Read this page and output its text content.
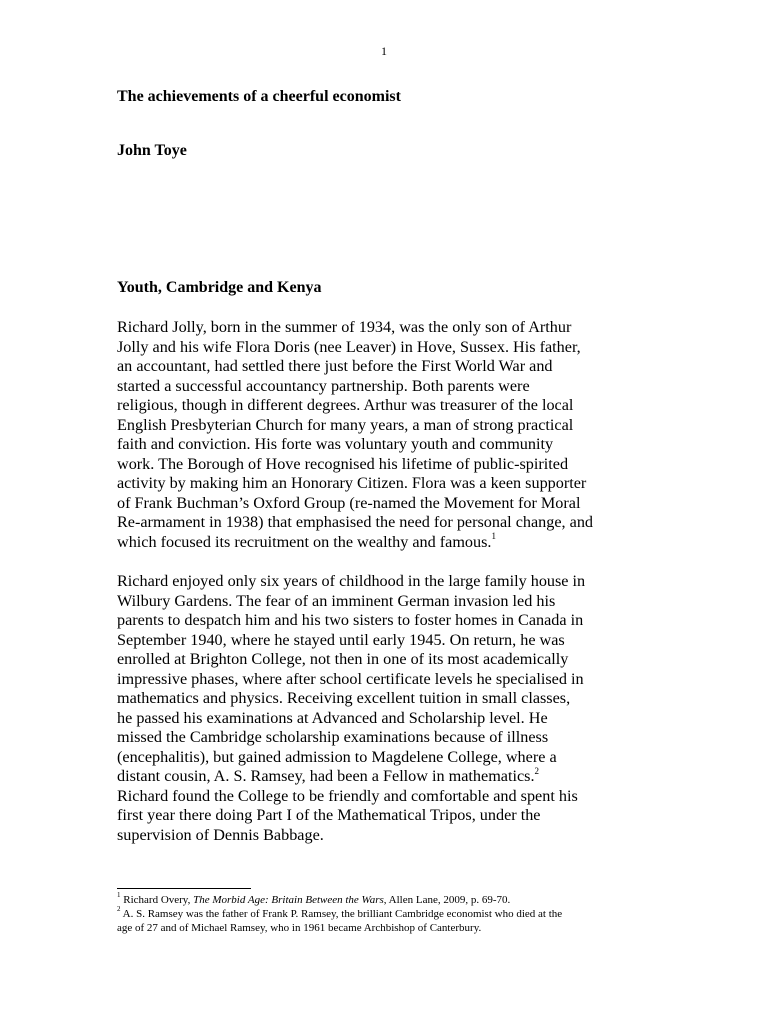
1
The achievements of a cheerful economist
John Toye
Youth, Cambridge and Kenya

Richard Jolly, born in the summer of 1934, was the only son of Arthur
Jolly and his wife Flora Doris (nee Leaver) in Hove, Sussex. His father,
an accountant, had settled there just before the First World War and
started a successful accountancy partnership. Both parents were
religious, though in different degrees. Arthur was treasurer of the local
English Presbyterian Church for many years, a man of strong practical
faith and conviction. His forte was voluntary youth and community
work. The Borough of Hove recognised his lifetime of public-spirited
activity by making him an Honorary Citizen. Flora was a keen supporter
of Frank Buchman’s Oxford Group (re-named the Movement for Moral
Re-armament in 1938) that emphasised the need for personal change, and
which focused its recruitment on the wealthy and famous.$^1$

Richard enjoyed only six years of childhood in the large family house in
Wilbury Gardens. The fear of an imminent German invasion led his
parents to despatch him and his two sisters to foster homes in Canada in
September 1940, where he stayed until early 1945. On return, he was
enrolled at Brighton College, not then in one of its most academically
impressive phases, where after school certificate levels he specialised in
mathematics and physics. Receiving excellent tuition in small classes,
he passed his examinations at Advanced and Scholarship level. He
missed the Cambridge scholarship examinations because of illness
(encephalitis), but gained admission to Magdelene College, where a
distant cousin, A. S. Ramsey, had been a Fellow in mathematics.$^2$
Richard found the College to be friendly and comfortable and spent his
first year there doing Part I of the Mathematical Tripos, under the
supervision of Dennis Babbage.

$^1$ Richard Overy, The Morbid Age: Britain Between the Wars, Allen Lane, 2009, p. 69-70.

$^2$ A. S. Ramsey was the father of Frank P. Ramsey, the brilliant Cambridge economist who died at the
age of 27 and of Michael Ramsey, who in 1961 became Archbishop of Canterbury.
